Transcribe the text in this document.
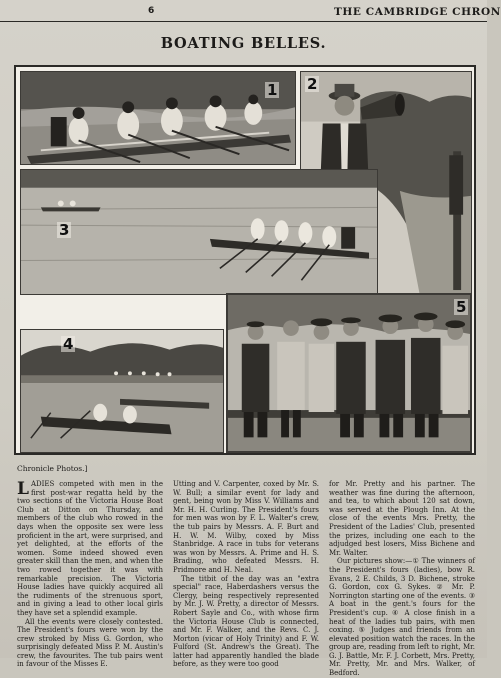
6	THE CAMBRIDGE CHRON
BOATING BELLES.
1 2
3
4
5
Chronicle Photos.]

LADIES competed with men in the first post-war regatta held by the two sections of the Victoria House Boat Club at Ditton on Thursday, and members of the club who rowed in the days when the opposite sex were less proficient in the art, were surprised, and yet delighted, at the efforts of the women. Some indeed showed even greater skill than the men, and when the two rowed together it was with remarkable precision. The Victoria House ladies have quickly acquired all the rudiments of the strenuous sport, and in giving a lead to other local girls they have set a splendid example.

All the events were closely contested. The President's fours were won by the crew stroked by Miss G. Gordon, who surprisingly defeated Miss P. M. Austin's crew, the favourites. The tub pairs went in favour of the Misses E.

Utting and V. Carpenter, coxed by Mr. S. W. Bull; a similar event for lady and gent, being won by Miss V. Williams and Mr. H. H. Curling. The President's fours for men was won by F. L. Walter's crew, the tub pairs by Messrs. A. F. Burt and H. W. M. Wilby, coxed by Miss Stanbridge. A race in tubs for veterans was won by Messrs. A. Prime and H. S. Brading, who defeated Messrs. H. Pridmore and H. Neal.

The titbit of the day was an "extra special" race, Haberdashers versus the Clergy, being respectively represented by Mr. J. W. Pretty, a director of Messrs. Robert Sayle and Co., with whose firm the Victoria House Club is connected, and Mr. F. Walker, and the Revs. C. J. Morton (vicar of Holy Trinity) and F. W. Fulford (St. Andrew's the Great). The latter had apparently handled the blade before, as they were too good

for Mr. Pretty and his partner. The weather was fine during the afternoon, and tea, to which about 120 sat down, was served at the Plough Inn. At the close of the events Mrs. Pretty, the President of the Ladies' Club, presented the prizes, including one each to the adjudged best losers, Miss Bichene and Mr. Walter.

Our pictures show:—① The winners of the President's fours (ladies), bow R. Evans, 2 E. Childs, 3 D. Bichene, stroke G. Gordon, cox G. Sykes. ② Mr. P. Norrington starting one of the events. ③ A boat in the gent.'s fours for the President's cup. ④ A close finish in a heat of the ladies tub pairs, with men coxing. ⑤ Judges and friends from an elevated position watch the races. In the group are, reading from left to right, Mr. G. J. Battle, Mr. F. J. Corbett, Mrs. Pretty, Mr. Pretty, Mr. and Mrs. Walker, of Bedford.
